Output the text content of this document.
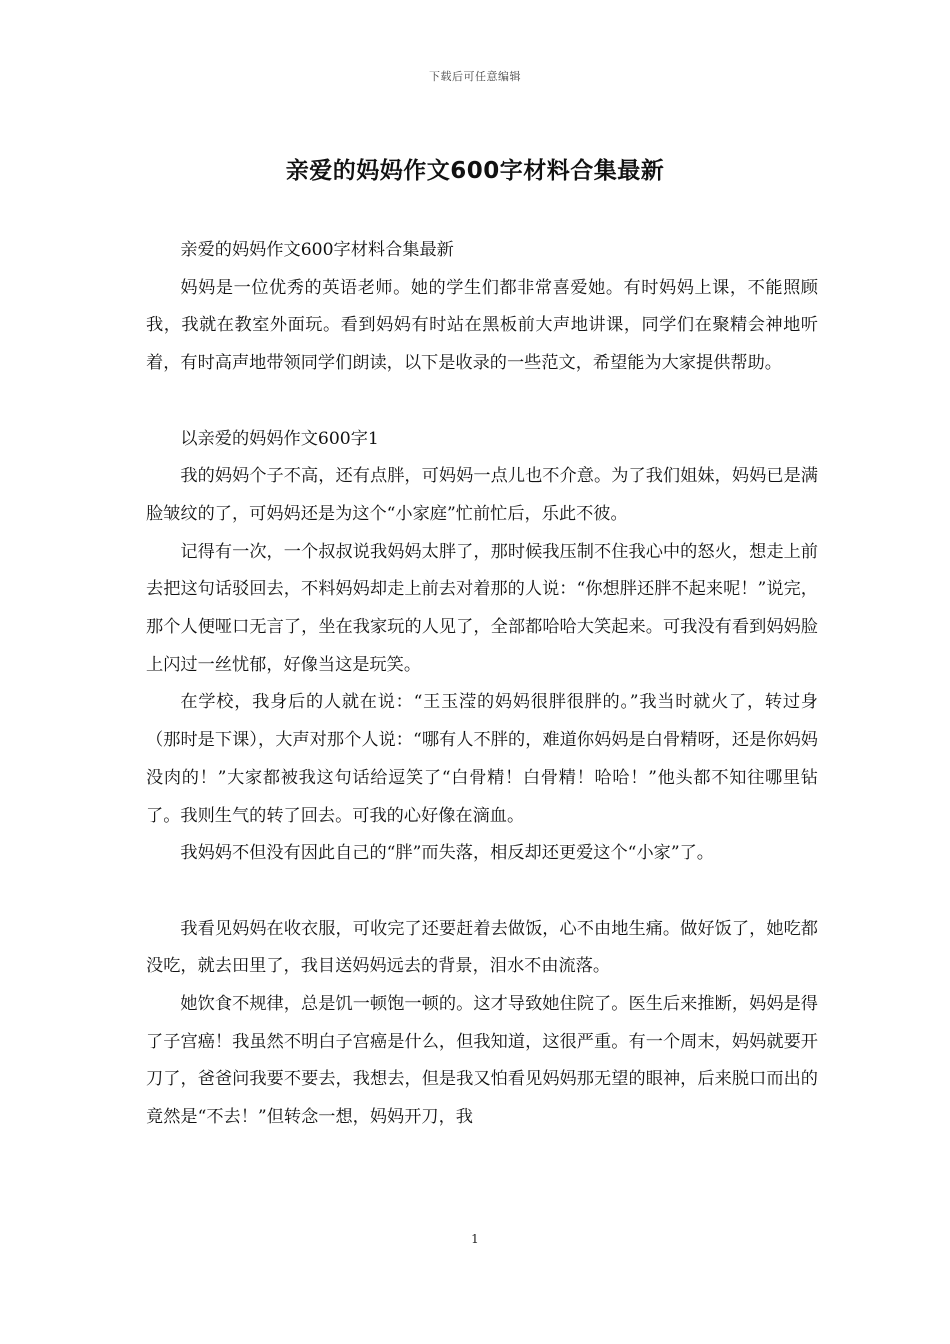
下载后可任意编辑
亲爱的妈妈作文600字材料合集最新

亲爱的妈妈作文600字材料合集最新

妈妈是一位优秀的英语老师。她的学生们都非常喜爱她。有时妈妈上课，不能照顾我，我就在教室外面玩。看到妈妈有时站在黑板前大声地讲课，同学们在聚精会神地听着，有时高声地带领同学们朗读，以下是收录的一些范文，希望能为大家提供帮助。

以亲爱的妈妈作文600字1

我的妈妈个子不高，还有点胖，可妈妈一点儿也不介意。为了我们姐妹，妈妈已是满脸皱纹的了，可妈妈还是为这个“小家庭”忙前忙后，乐此不彼。

记得有一次，一个叔叔说我妈妈太胖了，那时候我压制不住我心中的怒火，想走上前去把这句话驳回去，不料妈妈却走上前去对着那的人说：“你想胖还胖不起来呢！”说完，那个人便哑口无言了，坐在我家玩的人见了，全部都哈哈大笑起来。可我没有看到妈妈脸上闪过一丝忧郁，好像当这是玩笑。

在学校，我身后的人就在说：“王玉滢的妈妈很胖很胖的。”我当时就火了，转过身（那时是下课），大声对那个人说：“哪有人不胖的，难道你妈妈是白骨精呀，还是你妈妈没肉的！”大家都被我这句话给逗笑了“白骨精！白骨精！哈哈！”他头都不知往哪里钻了。我则生气的转了回去。可我的心好像在滴血。

我妈妈不但没有因此自己的“胖”而失落，相反却还更爱这个“小家”了。

我看见妈妈在收衣服，可收完了还要赶着去做饭，心不由地生痛。做好饭了，她吃都没吃，就去田里了，我目送妈妈远去的背景，泪水不由流落。

她饮食不规律，总是饥一顿饱一顿的。这才导致她住院了。医生后来推断，妈妈是得了子宫癌！我虽然不明白子宫癌是什么，但我知道，这很严重。有一个周末，妈妈就要开刀了，爸爸问我要不要去，我想去，但是我又怕看见妈妈那无望的眼神，后来脱口而出的竟然是“不去！”但转念一想，妈妈开刀，我

1
